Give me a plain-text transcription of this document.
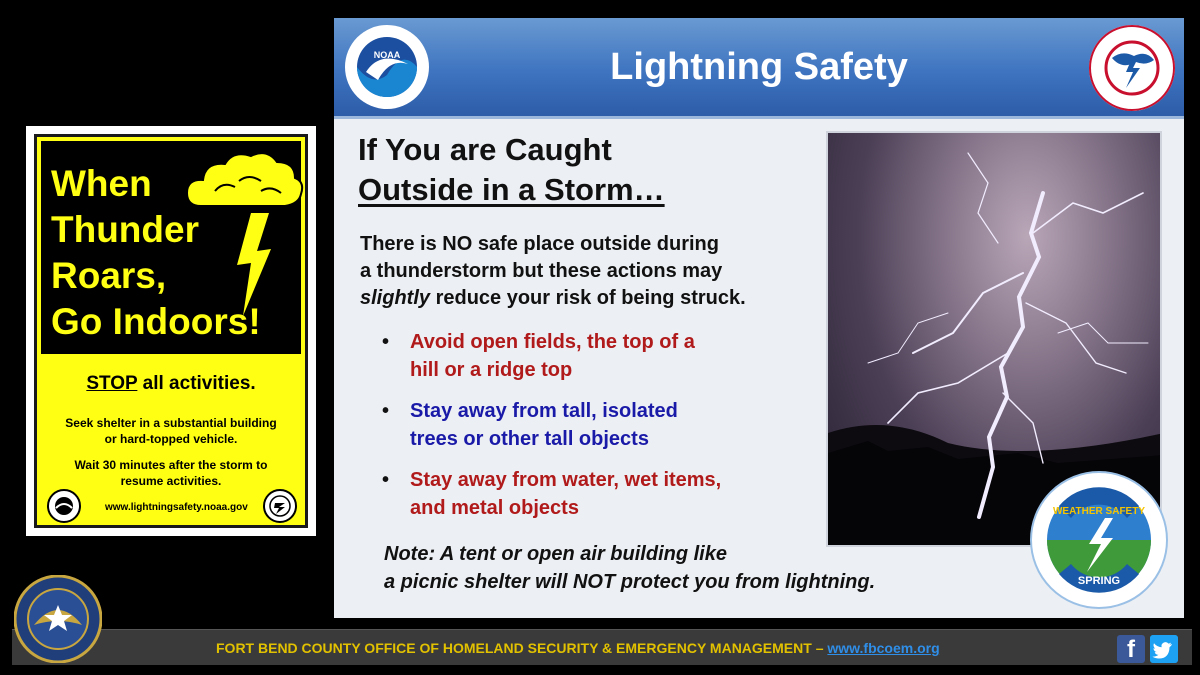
When
Thunder
Roars,
Go Indoors!
STOP all activities.
Seek shelter in a substantial building
or hard-topped vehicle.
Wait 30 minutes after the storm to
resume activities.
www.lightningsafety.noaa.gov
NOAA	Lightning Safety
If You are Caught
Outside in a Storm…
There is NO safe place outside during
a thunderstorm but these actions may
slightly reduce your risk of being struck.
• Avoid open fields, the top of a
hill or a ridge top
• Stay away from tall, isolated
trees or other tall objects
• Stay away from water, wet items,
and metal objects
Note: A tent or open air building like
a picnic shelter will NOT protect you from lightning.
WEATHER SAFETY
SPRING
FORT BEND COUNTY OFFICE OF HOMELAND SECURITY & EMERGENCY MANAGEMENT – www.fbcoem.org	f
